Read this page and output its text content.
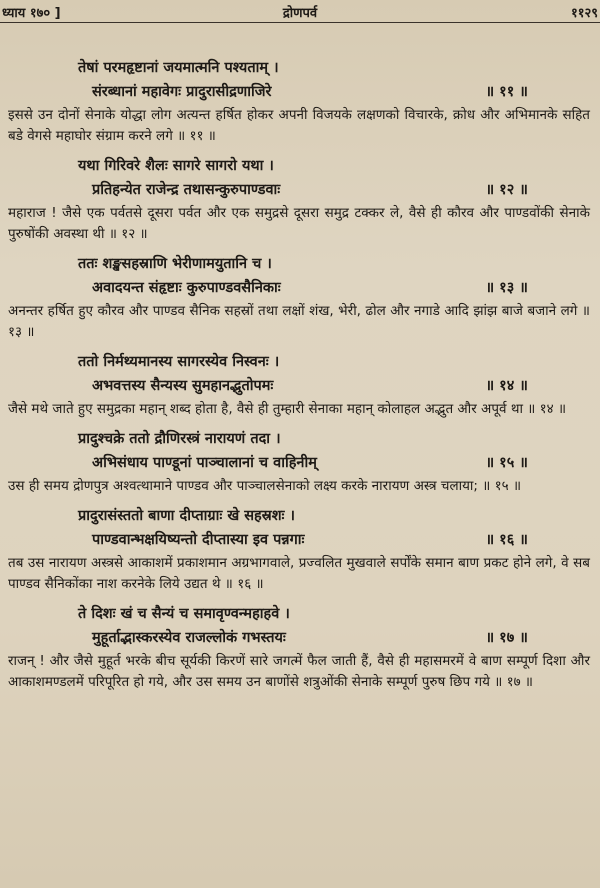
ध्याय १७० ]	द्रोणपर्व	११२९
तेषां परमहृष्टानां जयमात्मनि पश्यताम् ।
संरब्धानां महावेगः प्रादुरासीद्रणाजिरे	॥ ११ ॥
इससे उन दोनों सेनाके योद्धा लोग अत्यन्त हर्षित होकर अपनी विजयके लक्षणको विचारके, क्रोध और अभिमानके सहित बडे वेगसे महाघोर संग्राम करने लगे ॥ ११ ॥
यथा गिरिवरे शैलः सागरे सागरो यथा ।
प्रतिहन्येत राजेन्द्र तथासन्कुरुपाण्डवाः	॥ १२ ॥
महाराज ! जैसे एक पर्वतसे दूसरा पर्वत और एक समुद्रसे दूसरा समुद्र टक्कर ले, वैसे ही कौरव और पाण्डवोंकी सेनाके पुरुषोंकी अवस्था थी ॥ १२ ॥
ततः शङ्खसहस्राणि भेरीणामयुतानि च ।
अवादयन्त संहृष्टाः कुरुपाण्डवसैनिकाः	॥ १३ ॥
अनन्तर हर्षित हुए कौरव और पाण्डव सैनिक सहस्रों तथा लक्षों शंख, भेरी, ढोल और नगाडे आदि झांझ बाजे बजाने लगे ॥ १३ ॥
ततो निर्मथ्यमानस्य सागरस्येव निस्वनः ।
अभवत्तस्य सैन्यस्य सुमहानद्भुतोपमः	॥ १४ ॥
जैसे मथे जाते हुए समुद्रका महान् शब्द होता है, वैसे ही तुम्हारी सेनाका महान् कोलाहल अद्भुत और अपूर्व था ॥ १४ ॥
प्रादुश्चक्रे ततो द्रौणिरस्त्रं नारायणं तदा ।
अभिसंधाय पाण्डूनां पाञ्चालानां च वाहिनीम्	॥ १५ ॥
उस ही समय द्रोणपुत्र अश्वत्थामाने पाण्डव और पाञ्चालसेनाको लक्ष्य करके नारायण अस्त्र चलाया; ॥ १५ ॥
प्रादुरासंस्ततो बाणा दीप्ताग्राः खे सहस्रशः ।
पाण्डवान्भक्षयिष्यन्तो दीप्तास्या इव पन्नगाः	॥ १६ ॥
तब उस नारायण अस्त्रसे आकाशमें प्रकाशमान अग्रभागवाले, प्रज्वलित मुखवाले सर्पोंके समान बाण प्रकट होने लगे, वे सब पाण्डव सैनिकोंका नाश करनेके लिये उद्यत थे ॥ १६ ॥
ते दिशः खं च सैन्यं च समावृण्वन्महाहवे ।
मुहूर्ताद्भास्करस्येव राजल्लोकं गभस्तयः	॥ १७ ॥
राजन् ! और जैसे मुहूर्त भरके बीच सूर्यकी किरणें सारे जगत्में फैल जाती हैं, वैसे ही महासमरमें वे बाण सम्पूर्ण दिशा और आकाशमण्डलमें परिपूरित हो गये, और उस समय उन बाणोंसे शत्रुओंकी सेनाके सम्पूर्ण पुरुष छिप गये ॥ १७ ॥
